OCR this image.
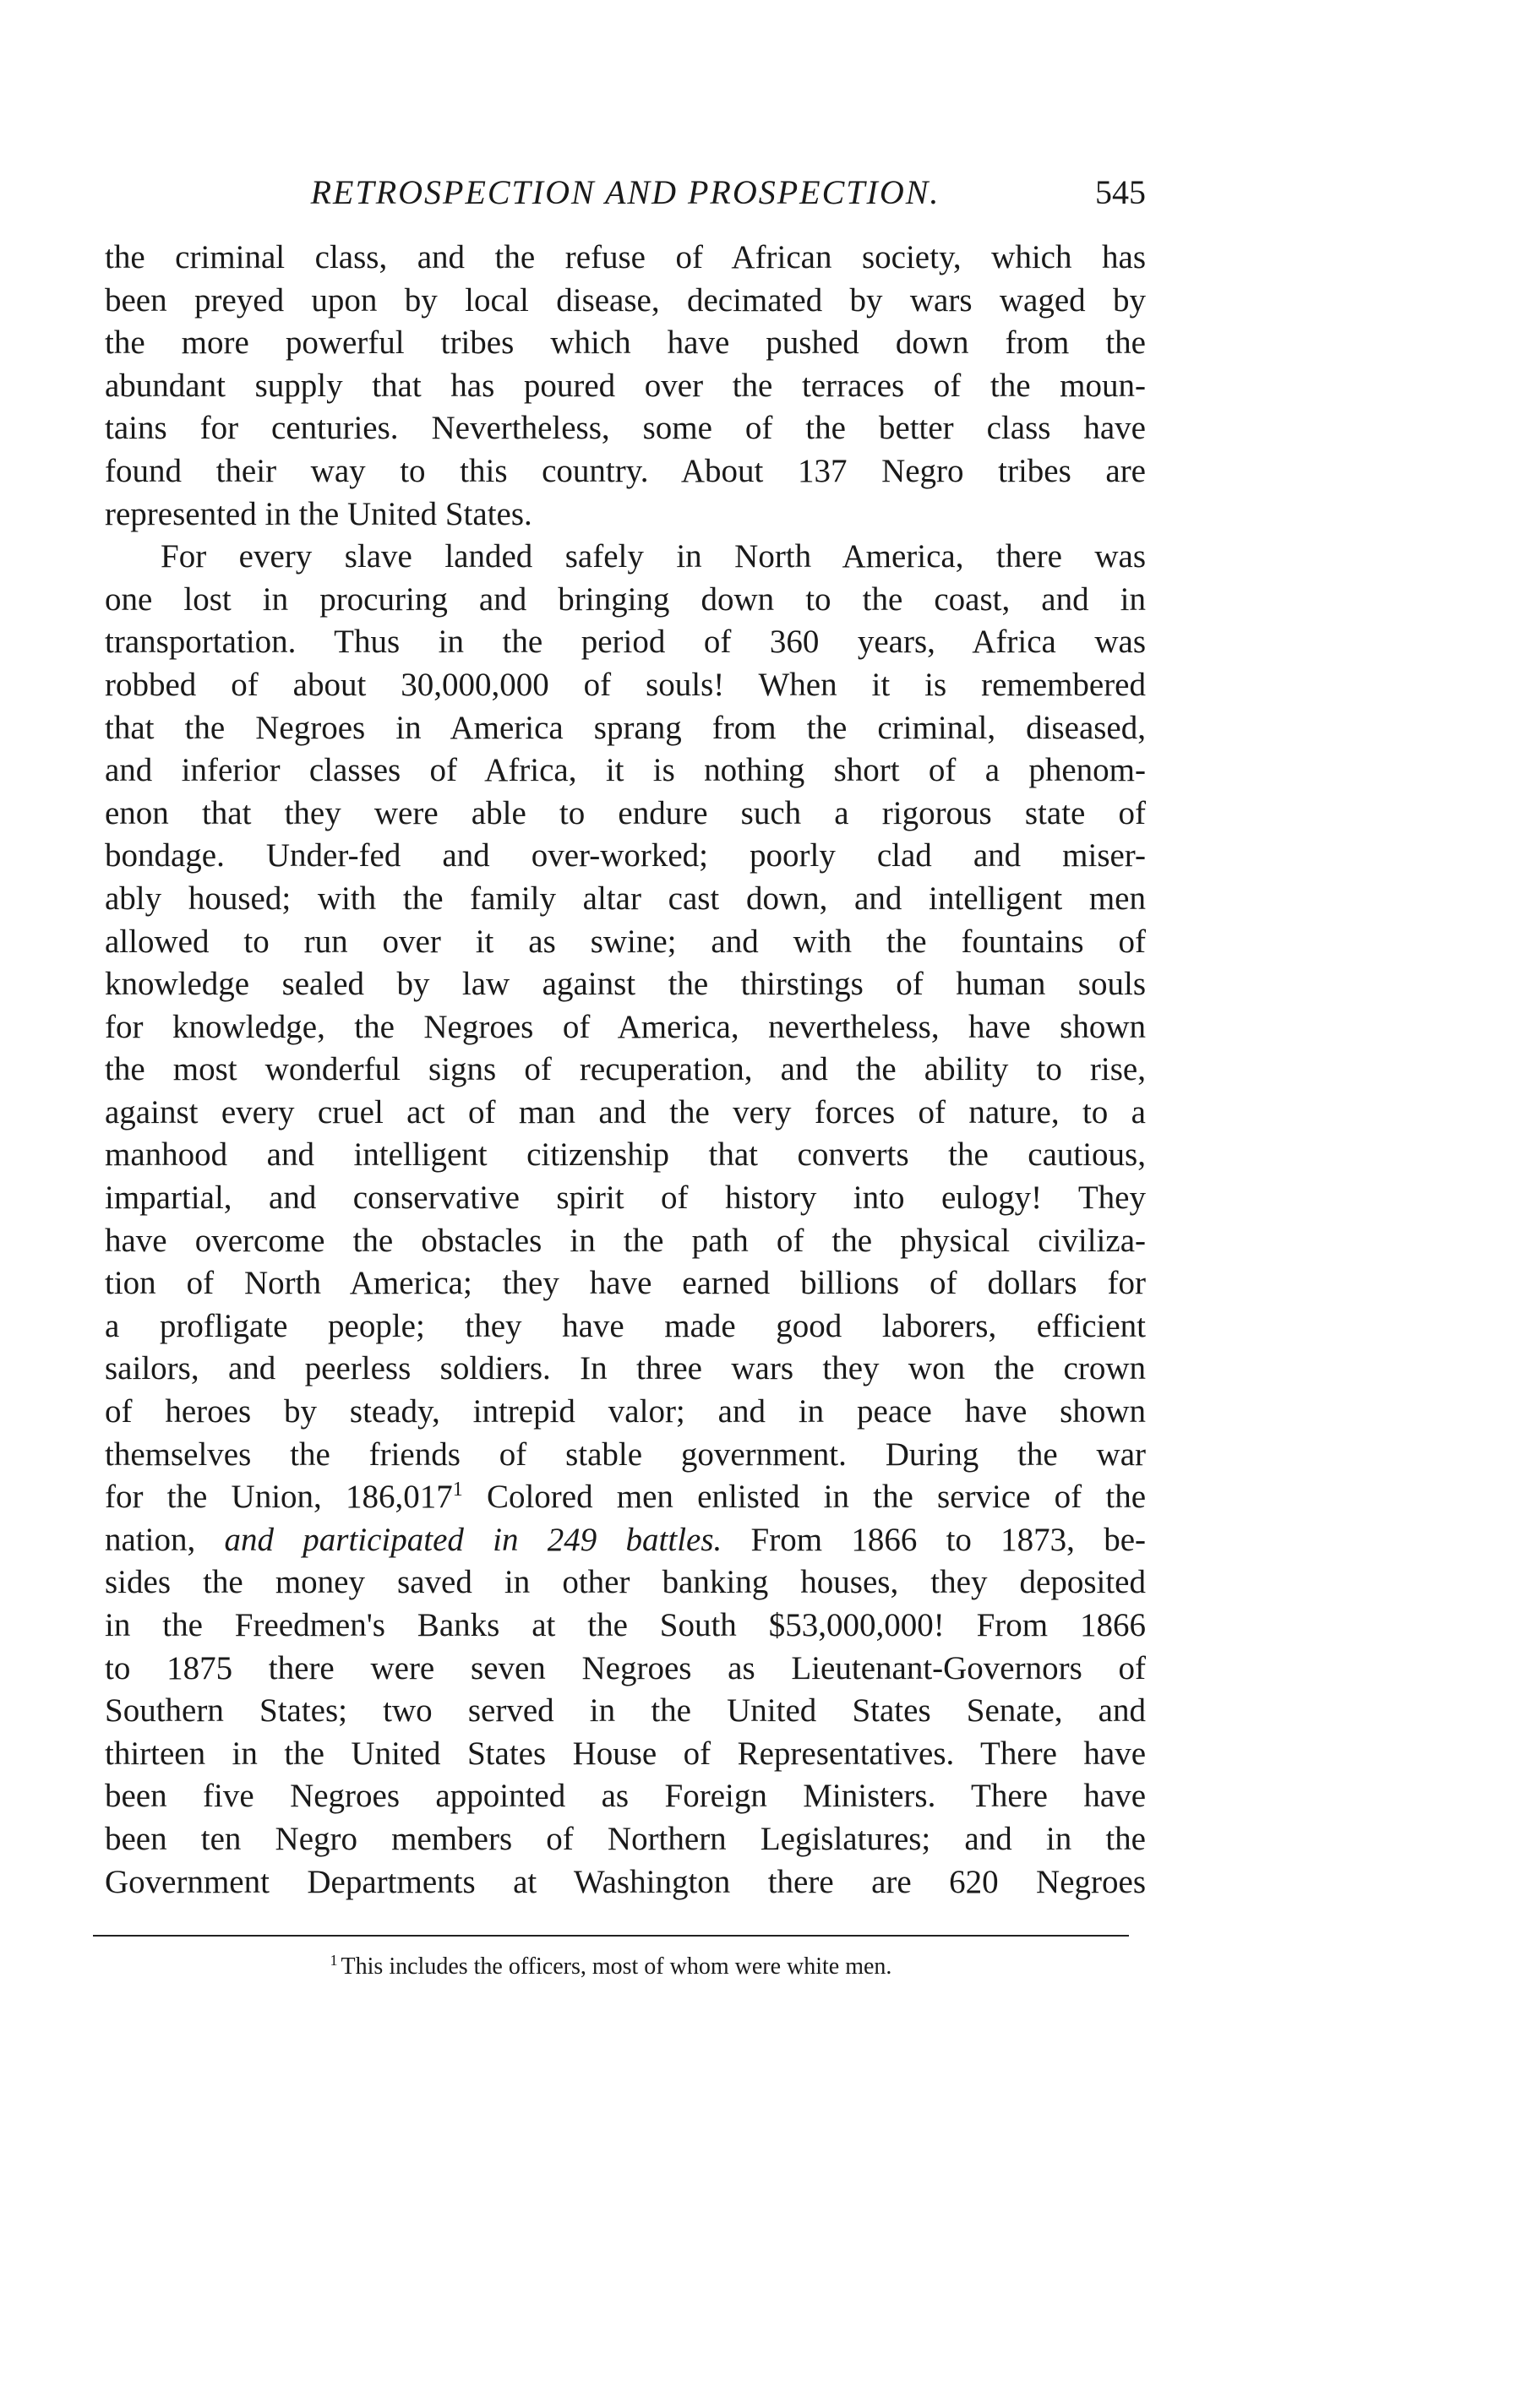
RETROSPECTION AND PROSPECTION.	545
the criminal class, and the refuse of African society, which has
been preyed upon by local disease, decimated by wars waged by
the more powerful tribes which have pushed down from the
abundant supply that has poured over the terraces of the moun-
tains for centuries. Nevertheless, some of the better class have
found their way to this country. About 137 Negro tribes are
represented in the United States.
For every slave landed safely in North America, there was
one lost in procuring and bringing down to the coast, and in
transportation. Thus in the period of 360 years, Africa was
robbed of about 30,000,000 of souls! When it is remembered
that the Negroes in America sprang from the criminal, diseased,
and inferior classes of Africa, it is nothing short of a phenom-
enon that they were able to endure such a rigorous state of
bondage. Under-fed and over-worked; poorly clad and miser-
ably housed; with the family altar cast down, and intelligent men
allowed to run over it as swine; and with the fountains of
knowledge sealed by law against the thirstings of human souls
for knowledge, the Negroes of America, nevertheless, have shown
the most wonderful signs of recuperation, and the ability to rise,
against every cruel act of man and the very forces of nature, to a
manhood and intelligent citizenship that converts the cautious,
impartial, and conservative spirit of history into eulogy! They
have overcome the obstacles in the path of the physical civiliza-
tion of North America; they have earned billions of dollars for
a profligate people; they have made good laborers, efficient
sailors, and peerless soldiers. In three wars they won the crown
of heroes by steady, intrepid valor; and in peace have shown
themselves the friends of stable government. During the war
for the Union, 186,017$^1$ Colored men enlisted in the service of the
nation, and participated in 249 battles. From 1866 to 1873, be-
sides the money saved in other banking houses, they deposited
in the Freedmen's Banks at the South $53,000,000! From 1866
to 1875 there were seven Negroes as Lieutenant-Governors of
Southern States; two served in the United States Senate, and
thirteen in the United States House of Representatives. There have
been five Negroes appointed as Foreign Ministers. There have
been ten Negro members of Northern Legislatures; and in the
Government Departments at Washington there are 620 Negroes
$^1$ This includes the officers, most of whom were white men.
